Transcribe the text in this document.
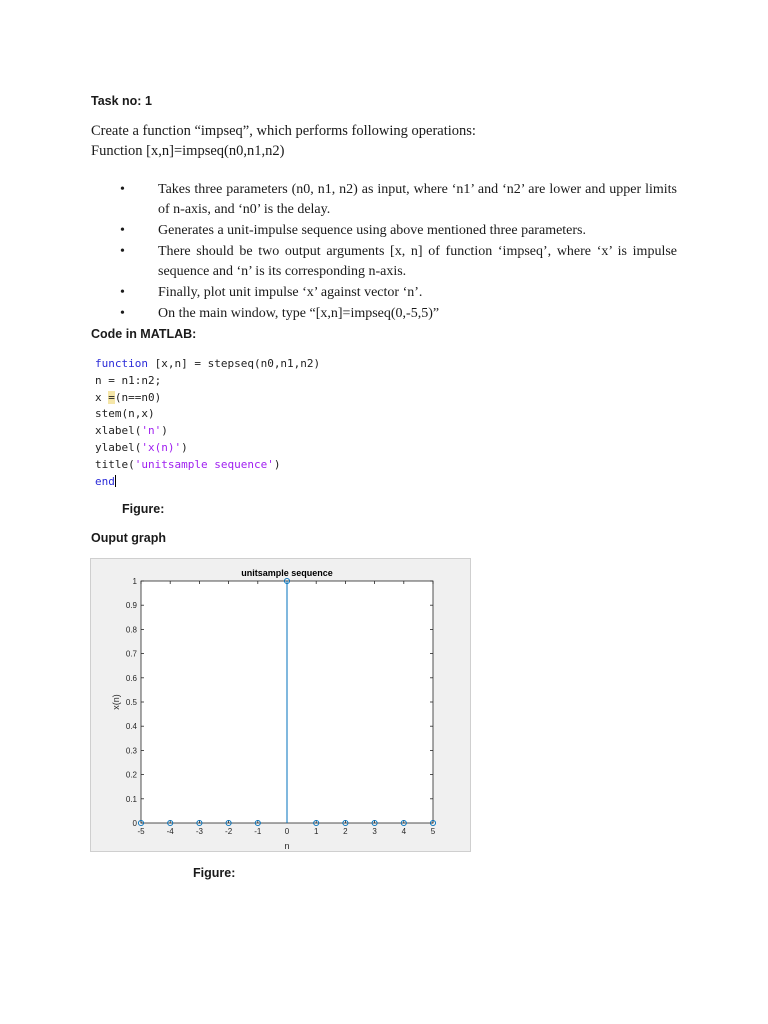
Task no: 1
Create a function “impseq”, which performs following operations:
Function [x,n]=impseq(n0,n1,n2)
• Takes three parameters (n0, n1, n2) as input, where ‘n1’ and ‘n2’ are lower and upper limits of n-axis, and ‘n0’ is the delay.
• Generates a unit-impulse sequence using above mentioned three parameters.
• There should be two output arguments [x, n] of function ‘impseq’, where ‘x’ is impulse sequence and ‘n’ is its corresponding n-axis.
• Finally, plot unit impulse ‘x’ against vector ‘n’.
• On the main window, type “[x,n]=impseq(0,-5,5)”
Code in MATLAB:
function [x,n] = stepseq(n0,n1,n2)
n = n1:n2;
x =(n==n0)
stem(n,x)
xlabel('n')
ylabel('x(n)')
title('unitsample sequence')
end
Figure:
Ouput graph
unitsample sequence
0
0.1
0.2
0.3
0.4
0.5
0.6
0.7
0.8
0.9
1
-5	-4	-3	-2	-1	0	1	2	3	4	5
n
x(n)
Figure:
